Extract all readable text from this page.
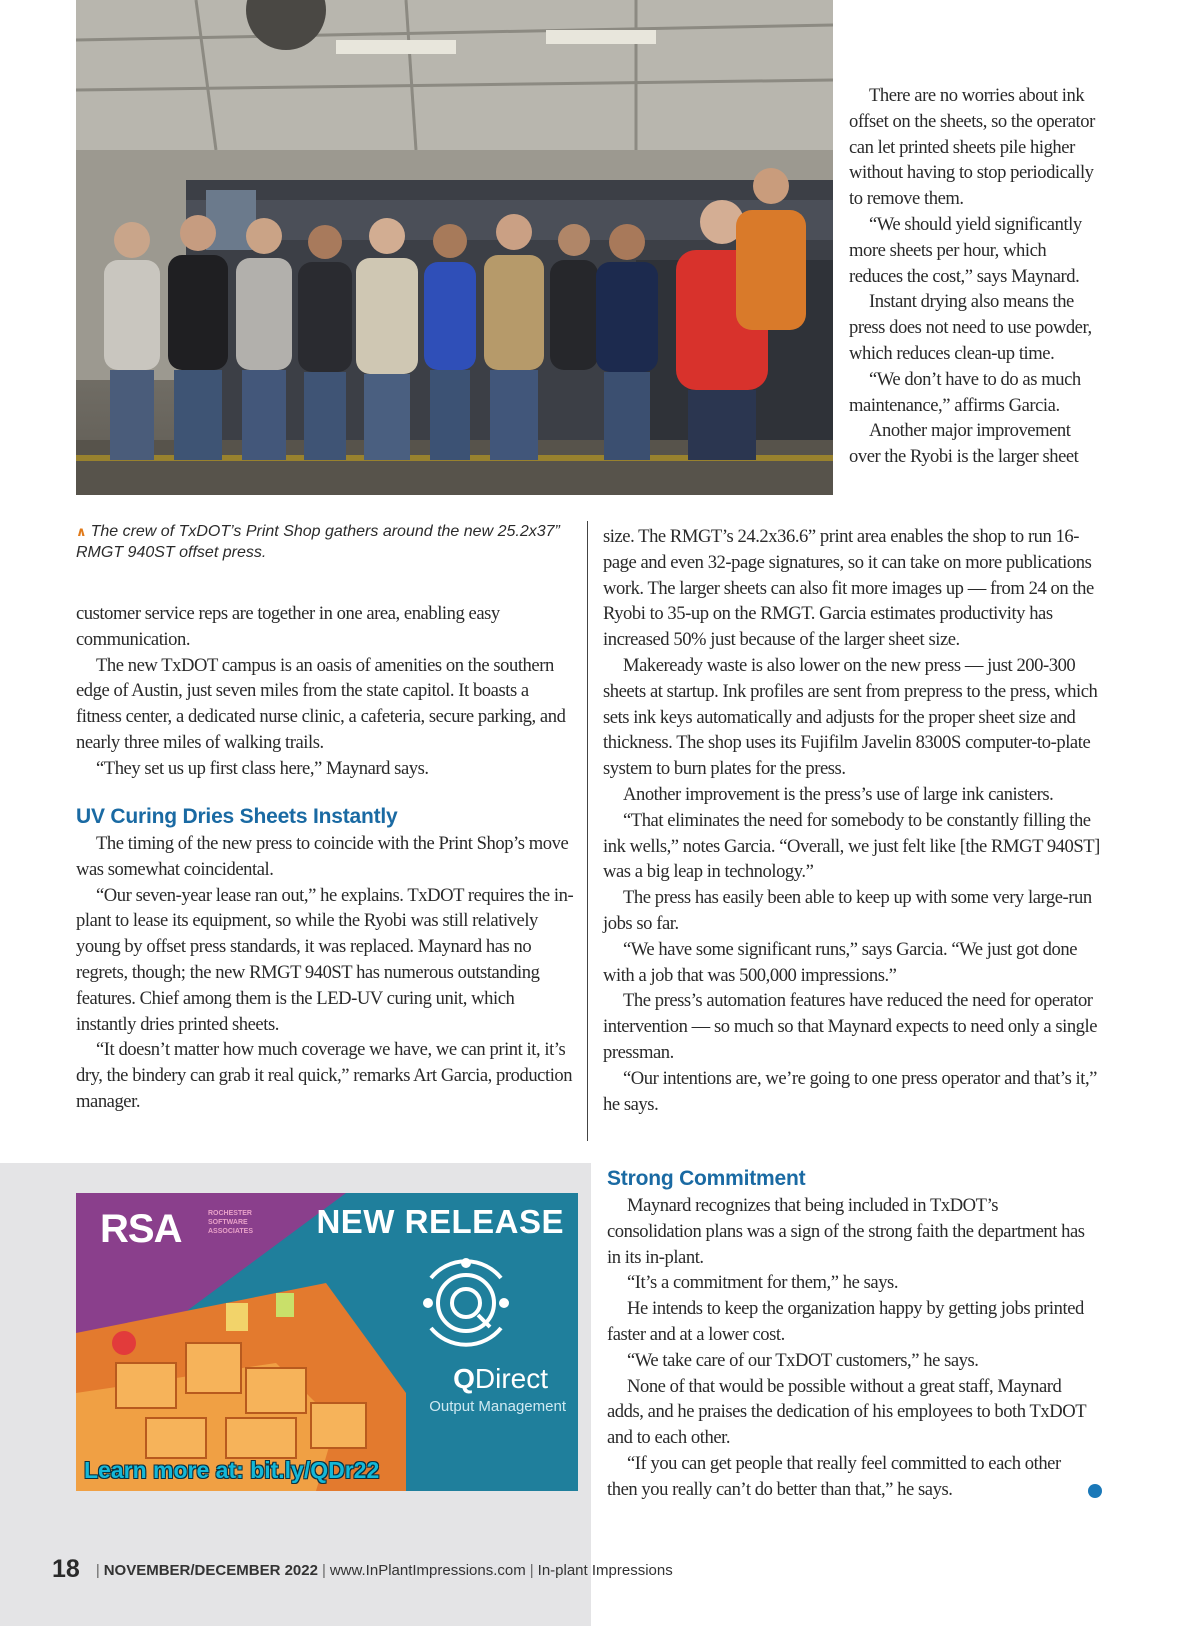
∧ The crew of TxDOT’s Print Shop gathers around the new 25.2x37” RMGT 940ST offset press.

There are no worries about ink offset on the sheets, so the operator can let printed sheets pile higher without having to stop periodically to remove them.

“We should yield significantly more sheets per hour, which reduces the cost,” says Maynard.

Instant drying also means the press does not need to use powder, which reduces clean-up time.

“We don’t have to do as much maintenance,” affirms Garcia.

Another major improvement over the Ryobi is the larger sheet

customer service reps are together in one area, enabling easy communication.

The new TxDOT campus is an oasis of amenities on the southern edge of Austin, just seven miles from the state capitol. It boasts a fitness center, a dedicated nurse clinic, a cafeteria, secure parking, and nearly three miles of walking trails.

“They set us up first class here,” Maynard says.

UV Curing Dries Sheets Instantly

The timing of the new press to coincide with the Print Shop’s move was somewhat coincidental.

“Our seven-year lease ran out,” he explains. TxDOT requires the in-plant to lease its equipment, so while the Ryobi was still relatively young by offset press standards, it was replaced. Maynard has no regrets, though; the new RMGT 940ST has numerous outstanding features. Chief among them is the LED-UV curing unit, which instantly dries printed sheets.

“It doesn’t matter how much coverage we have, we can print it, it’s dry, the bindery can grab it real quick,” remarks Art Garcia, production manager.

size. The RMGT’s 24.2x36.6” print area enables the shop to run 16-page and even 32-page signatures, so it can take on more publications work. The larger sheets can also fit more images up — from 24 on the Ryobi to 35-up on the RMGT. Garcia estimates productivity has increased 50% just because of the larger sheet size.

Makeready waste is also lower on the new press — just 200-300 sheets at startup. Ink profiles are sent from prepress to the press, which sets ink keys automatically and adjusts for the proper sheet size and thickness. The shop uses its Fujifilm Javelin 8300S computer-to-plate system to burn plates for the press.

Another improvement is the press’s use of large ink canisters.

“That eliminates the need for somebody to be constantly filling the ink wells,” notes Garcia. “Overall, we just felt like [the RMGT 940ST] was a big leap in technology.”

The press has easily been able to keep up with some very large-run jobs so far.

“We have some significant runs,” says Garcia. “We just got done with a job that was 500,000 impressions.”

The press’s automation features have reduced the need for operator intervention — so much so that Maynard expects to need only a single pressman.

“Our intentions are, we’re going to one press operator and that’s it,” he says.

Strong Commitment

Maynard recognizes that being included in TxDOT’s consolidation plans was a sign of the strong faith the department has in its in-plant.

“It’s a commitment for them,” he says.

He intends to keep the organization happy by getting jobs printed faster and at a lower cost.

“We take care of our TxDOT customers,” he says.

None of that would be possible without a great staff, Maynard adds, and he praises the dedication of his employees to both TxDOT and to each other.

“If you can get people that really feel committed to each other then you really can’t do better than that,” he says.

RSA	ROCHESTER SOFTWARE ASSOCIATES	NEW RELEASE
QDirect
Output Management
Learn more at: bit.ly/QDr22
18 | NOVEMBER/DECEMBER 2022 | www.InPlantImpressions.com | In-plant Impressions
